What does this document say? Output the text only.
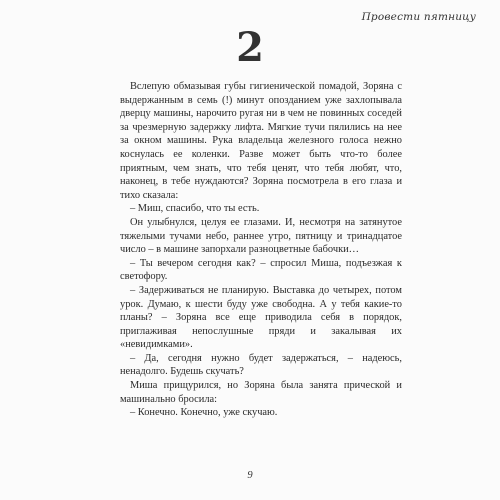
Провести пятницу
2

Вслепую обмазывая губы гигиенической помадой, Зоряна с выдержанным в семь (!) минут опозданием уже захлопывала дверцу машины, нарочито ругая ни в чем не повинных соседей за чрезмерную задержку лифта. Мягкие тучи пялились на нее за окном машины. Рука владельца железного голоса нежно коснулась ее коленки. Разве может быть что-то более приятным, чем знать, что тебя ценят, что тебя любят, что, наконец, в тебе нуждаются? Зоряна посмотрела в его глаза и тихо сказала:

– Миш, спасибо, что ты есть.

Он улыбнулся, целуя ее глазами. И, несмотря на затянутое тяжелыми тучами небо, раннее утро, пятницу и тринадцатое число – в машине запорхали разноцветные бабочки…

– Ты вечером сегодня как? – спросил Миша, подъезжая к светофору.

– Задерживаться не планирую. Выставка до четырех, потом урок. Думаю, к шести буду уже свободна. А у тебя какие-то планы? – Зоряна все еще приводила себя в порядок, приглаживая непослушные пряди и закалывая их «невидимками».

– Да, сегодня нужно будет задержаться, – надеюсь, ненадолго. Будешь скучать?

Миша прищурился, но Зоряна была занята прической и машинально бросила:

– Конечно. Конечно, уже скучаю.

9
